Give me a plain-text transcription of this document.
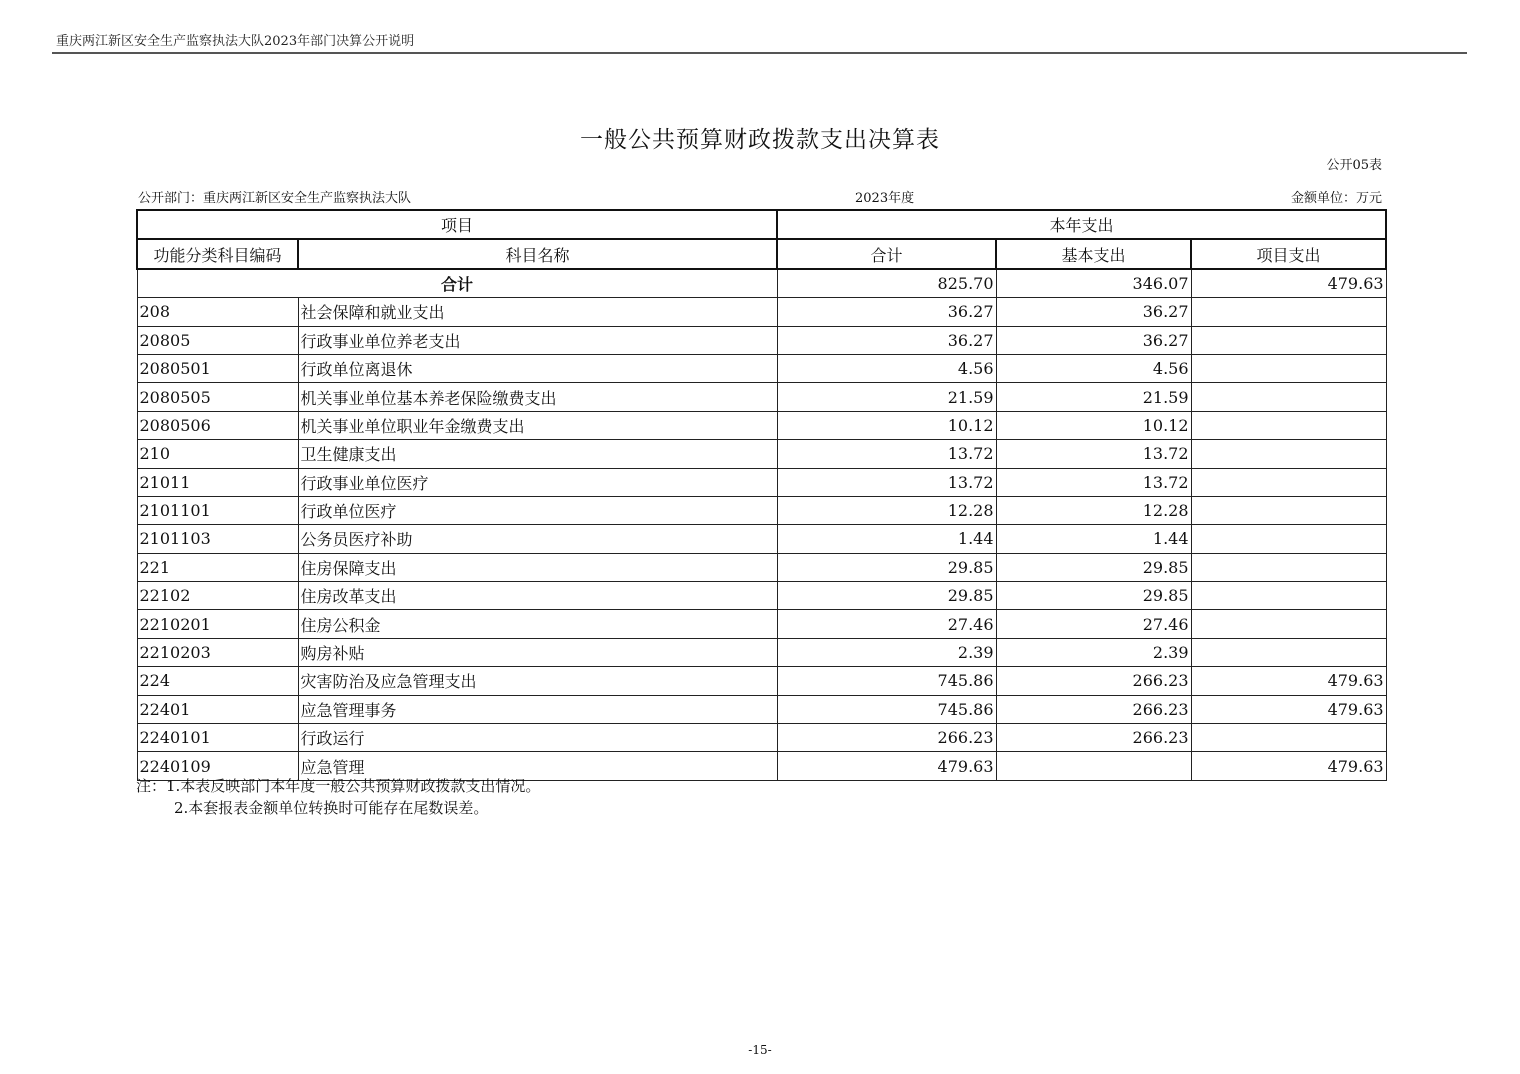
重庆两江新区安全生产监察执法大队2023年部门决算公开说明
一般公共预算财政拨款支出决算表
公开05表
公开部门：重庆两江新区安全生产监察执法大队	2023年度	金额单位：万元
项目		本年支出		
功能分类科目编码	科目名称	合计	基本支出	项目支出
合计		825.70	346.07	479.63
208	社会保障和就业支出	36.27	36.27	
20805	行政事业单位养老支出	36.27	36.27	
2080501	行政单位离退休	4.56	4.56	
2080505	机关事业单位基本养老保险缴费支出	21.59	21.59	
2080506	机关事业单位职业年金缴费支出	10.12	10.12	
210	卫生健康支出	13.72	13.72	
21011	行政事业单位医疗	13.72	13.72	
2101101	行政单位医疗	12.28	12.28	
2101103	公务员医疗补助	1.44	1.44	
221	住房保障支出	29.85	29.85	
22102	住房改革支出	29.85	29.85	
2210201	住房公积金	27.46	27.46	
2210203	购房补贴	2.39	2.39	
224	灾害防治及应急管理支出	745.86	266.23	479.63
22401	应急管理事务	745.86	266.23	479.63
2240101	行政运行	266.23	266.23	
2240109	应急管理	479.63		479.63
注：1.本表反映部门本年度一般公共预算财政拨款支出情况。
2.本套报表金额单位转换时可能存在尾数误差。
-15-
